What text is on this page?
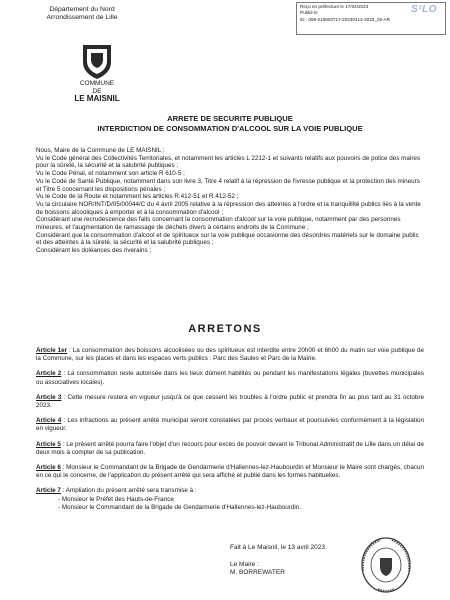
Département du Nord
Arrondissement de Lille
Reçu en préfecture le 17/04/2023
Publié le
ID : 059-215903717-20230413-2023_29-AR
S²LO
COMMUNE
DE
LE MAISNIL
ARRETE DE SECURITE PUBLIQUE
INTERDICTION DE CONSOMMATION D'ALCOOL SUR LA VOIE PUBLIQUE

Nous, Maire de la Commune de LE MAISNIL ;

Vu le Code général des Collectivités Territoriales, et notamment les articles L 2212-1 et suivants relatifs aux pouvoirs de police des maires pour la sûreté, la sécurité et la salubrité publiques ;

Vu le Code Pénal, et notamment son article R 610-5 ;

Vu le Code de Santé Publique, notamment dans son livre 3, Titre 4 relatif à la répression de l'ivresse publique et la protection des mineurs et Titre 5 concernant les dispositions pénales ;

Vu le Code de la Route et notamment les articles R.412-51 et R.412-52 ;

Vu la circulaire NOR/INT/D/05/00044/C du 4 avril 2005 relative à la répression des atteintes à l'ordre et la tranquillité publics liés à la vente de boissons alcooliques à emporter et à la consommation d'alcool ;

Considérant une recrudescence des faits concernant la consommation d'alcool sur la voie publique, notamment par des personnes mineures, et l'augmentation de ramassage de déchets divers à certains endroits de la Commune ;

Considérant que la consommation d'alcool et de spiritueux sur la voie publique occasionne des désordres matériels sur le domaine public et des atteintes à la sûreté, la sécurité et la salubrité publiques ;

Considérant les doléances des riverains ;

ARRETONS

Article 1er : La consommation des boissons alcoolisées ou des spiritueux est interdite entre 20h00 et 6h00 du matin sur voie publique de la Commune, sur les places et dans les espaces verts publics : Parc des Saules et Parc de la Mairie.

Article 2 : La consommation reste autorisée dans les lieux dûment habilités ou pendant les manifestations légales (buvettes municipales ou associatives locales).

Article 3 : Cette mesure restera en vigueur jusqu'à ce que cessent les troubles à l'ordre public et prendra fin au plus tard au 31 octobre 2023.

Article 4 : Les infractions au présent arrêté municipal seront constatées par procès verbaux et poursuivies conformément à la législation en vigueur.

Article 5 : Le présent arrêté pourra faire l'objet d'un recours pour excès de pouvoir devant le Tribunal Administratif de Lille dans un délai de deux mois à compter de sa publication.

Article 6 : Monsieur le Commandant de la Brigade de Gendarmerie d'Hallennes-lez-Haubourdin et Monsieur le Maire sont chargés, chacun en ce qui le concerne, de l'application du présent arrêté qui sera affiché et publié dans les formes habituelles.

Article 7 : Ampliation du présent arrêté sera transmise à :
- Monsieur le Préfet des Hauts-de-France
- Monsieur le Commandant de la Brigade de Gendarmerie d'Hallennes-lez-Haubourdin.

Fait à Le Maisnil, le 13 avril 2023
Le Maire :
M. BORREWATER
